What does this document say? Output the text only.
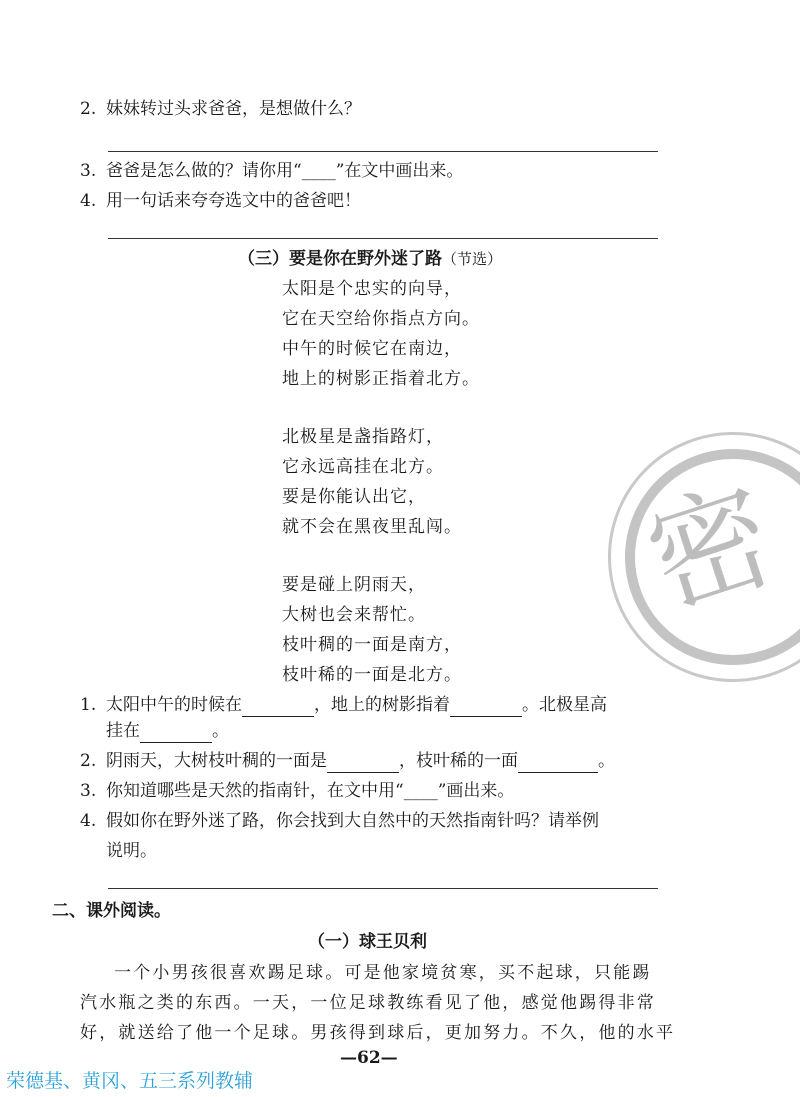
2. 妹妹转过头求爸爸，是想做什么？
3. 爸爸是怎么做的？请你用“____”在文中画出来。
4. 用一句话来夸夸选文中的爸爸吧！
（三）要是你在野外迷了路（节选）
太阳是个忠实的向导，
它在天空给你指点方向。
中午的时候它在南边，
地上的树影正指着北方。
北极星是盏指路灯，
它永远高挂在北方。
要是你能认出它，
就不会在黑夜里乱闯。
要是碰上阴雨天，
大树也会来帮忙。
枝叶稠的一面是南方，
枝叶稀的一面是北方。
密
1. 太阳中午的时候在	，地上的树影指着	。北极星高
挂在	。
2. 阴雨天，大树枝叶稠的一面是	，枝叶稀的一面	。
3. 你知道哪些是天然的指南针，在文中用“____”画出来。
4. 假如你在野外迷了路，你会找到大自然中的天然指南针吗？请举例
说明。
二、课外阅读。
（一）球王贝利
一个小男孩很喜欢踢足球。可是他家境贫寒，买不起球，只能踢
汽水瓶之类的东西。一天，一位足球教练看见了他，感觉他踢得非常
好，就送给了他一个足球。男孩得到球后，更加努力。不久，他的水平
—62—
荣德基、黄冈、五三系列教辅
